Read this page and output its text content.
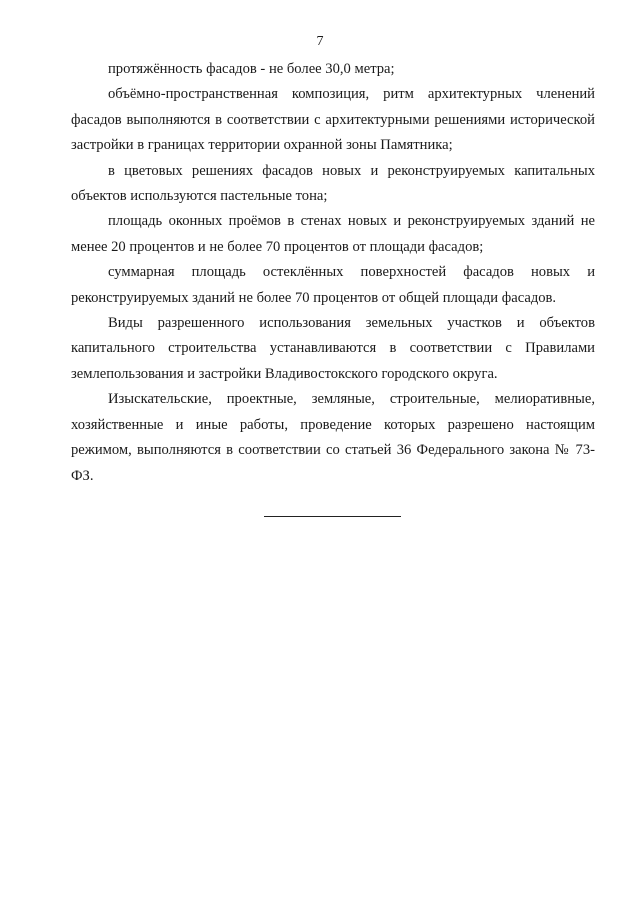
7

протяжённость фасадов - не более 30,0 метра;

объёмно-пространственная композиция, ритм архитектурных членений фасадов выполняются в соответствии с архитектурными решениями исторической застройки в границах территории охранной зоны Памятника;

в цветовых решениях фасадов новых и реконструируемых капитальных объектов используются пастельные тона;

площадь оконных проёмов в стенах новых и реконструируемых зданий не менее 20 процентов и не более 70 процентов от площади фасадов;

суммарная площадь остеклённых поверхностей фасадов новых и реконструируемых зданий не более 70 процентов от общей площади фасадов.

Виды разрешенного использования земельных участков и объектов капитального строительства устанавливаются в соответствии с Правилами землепользования и застройки Владивостокского городского округа.

Изыскательские, проектные, земляные, строительные, мелиоративные, хозяйственные и иные работы, проведение которых разрешено настоящим режимом, выполняются в соответствии со статьей 36 Федерального закона № 73-ФЗ.
